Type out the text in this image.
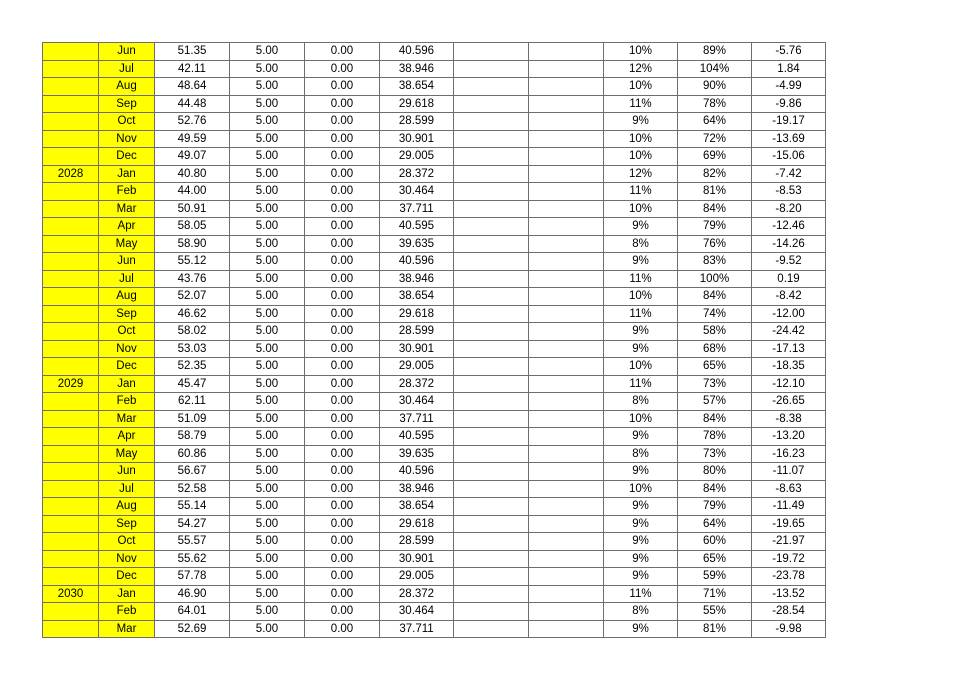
	Jun	51.35	5.00	0.00	40.596			10%	89%	-5.76
	Jul	42.11	5.00	0.00	38.946			12%	104%	1.84
	Aug	48.64	5.00	0.00	38.654			10%	90%	-4.99
	Sep	44.48	5.00	0.00	29.618			11%	78%	-9.86
	Oct	52.76	5.00	0.00	28.599			9%	64%	-19.17
	Nov	49.59	5.00	0.00	30.901			10%	72%	-13.69
	Dec	49.07	5.00	0.00	29.005			10%	69%	-15.06
2028	Jan	40.80	5.00	0.00	28.372			12%	82%	-7.42
	Feb	44.00	5.00	0.00	30.464			11%	81%	-8.53
	Mar	50.91	5.00	0.00	37.711			10%	84%	-8.20
	Apr	58.05	5.00	0.00	40.595			9%	79%	-12.46
	May	58.90	5.00	0.00	39.635			8%	76%	-14.26
	Jun	55.12	5.00	0.00	40.596			9%	83%	-9.52
	Jul	43.76	5.00	0.00	38.946			11%	100%	0.19
	Aug	52.07	5.00	0.00	38.654			10%	84%	-8.42
	Sep	46.62	5.00	0.00	29.618			11%	74%	-12.00
	Oct	58.02	5.00	0.00	28.599			9%	58%	-24.42
	Nov	53.03	5.00	0.00	30.901			9%	68%	-17.13
	Dec	52.35	5.00	0.00	29.005			10%	65%	-18.35
2029	Jan	45.47	5.00	0.00	28.372			11%	73%	-12.10
	Feb	62.11	5.00	0.00	30.464			8%	57%	-26.65
	Mar	51.09	5.00	0.00	37.711			10%	84%	-8.38
	Apr	58.79	5.00	0.00	40.595			9%	78%	-13.20
	May	60.86	5.00	0.00	39.635			8%	73%	-16.23
	Jun	56.67	5.00	0.00	40.596			9%	80%	-11.07
	Jul	52.58	5.00	0.00	38.946			10%	84%	-8.63
	Aug	55.14	5.00	0.00	38.654			9%	79%	-11.49
	Sep	54.27	5.00	0.00	29.618			9%	64%	-19.65
	Oct	55.57	5.00	0.00	28.599			9%	60%	-21.97
	Nov	55.62	5.00	0.00	30.901			9%	65%	-19.72
	Dec	57.78	5.00	0.00	29.005			9%	59%	-23.78
2030	Jan	46.90	5.00	0.00	28.372			11%	71%	-13.52
	Feb	64.01	5.00	0.00	30.464			8%	55%	-28.54
	Mar	52.69	5.00	0.00	37.711			9%	81%	-9.98
